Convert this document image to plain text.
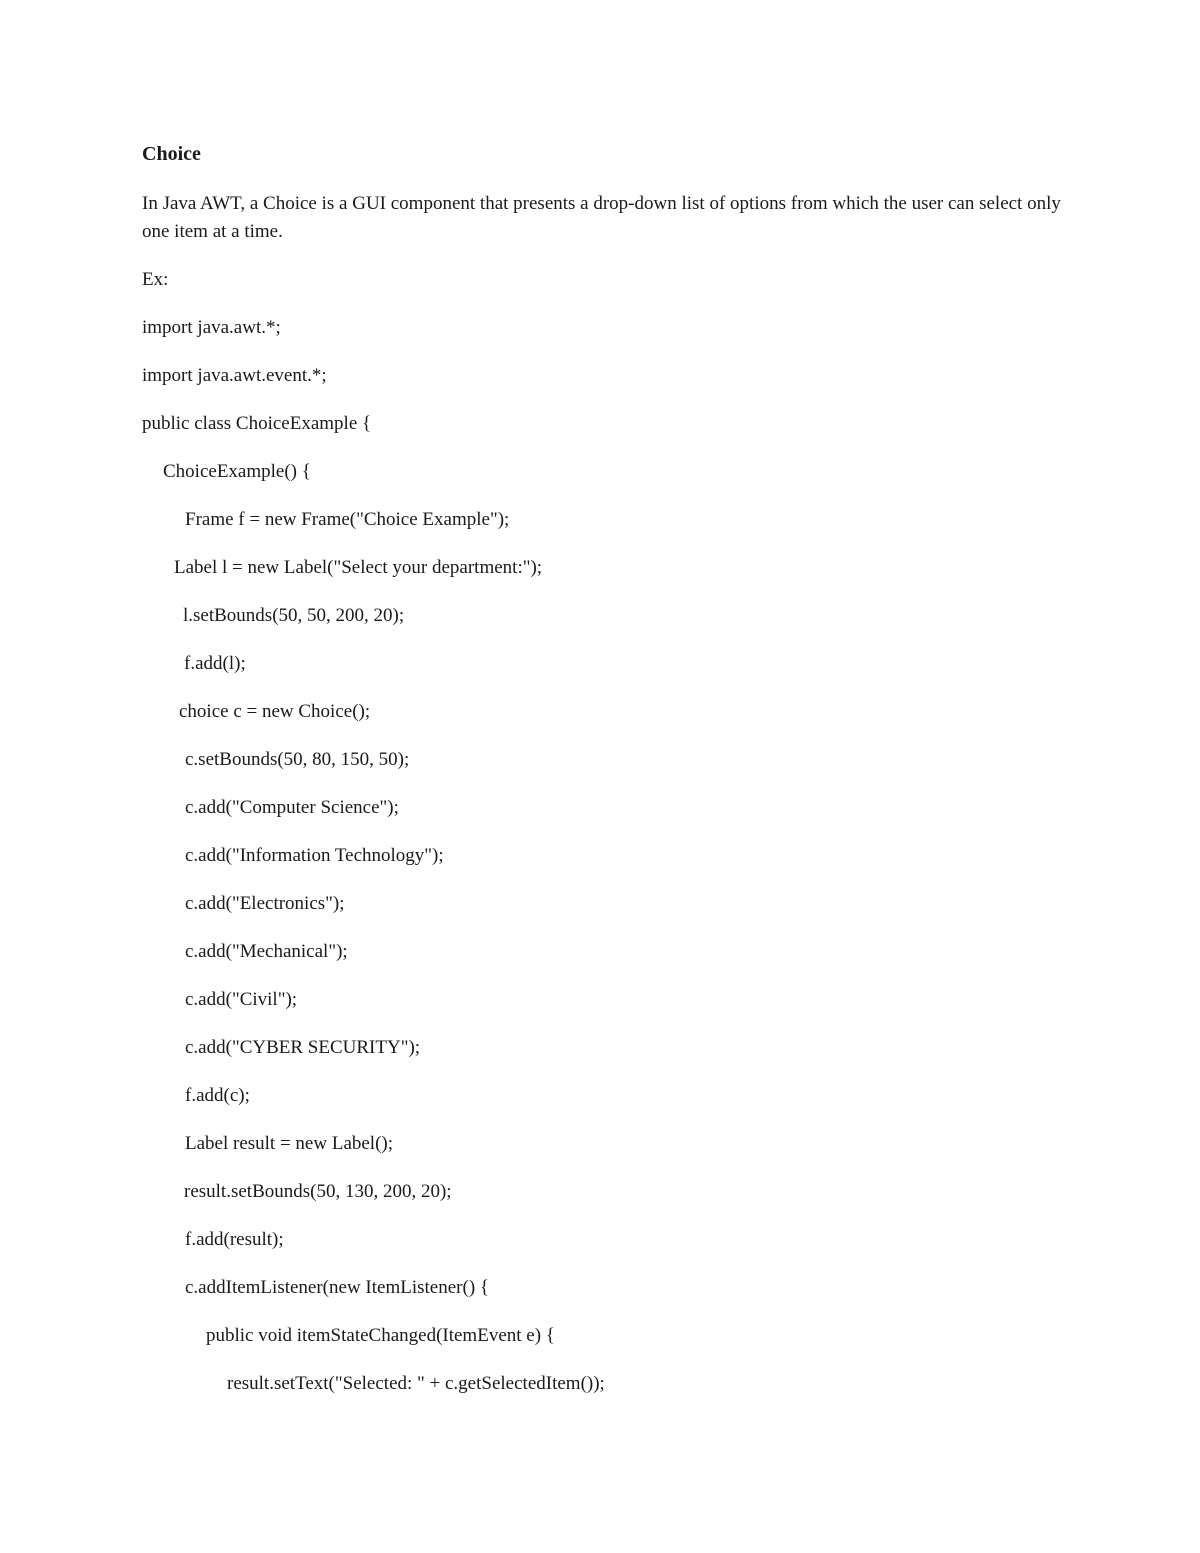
Choice
In Java AWT, a Choice is a GUI component that presents a drop-down list of options from which the user can select only one item at a time.
Ex:
import java.awt.*;
import java.awt.event.*;
public class ChoiceExample {
ChoiceExample() {
Frame f = new Frame("Choice Example");
Label l = new Label("Select your department:");
l.setBounds(50, 50, 200, 20);
f.add(l);
choice c = new Choice();
c.setBounds(50, 80, 150, 50);
c.add("Computer Science");
c.add("Information Technology");
c.add("Electronics");
c.add("Mechanical");
c.add("Civil");
c.add("CYBER SECURITY");
f.add(c);
Label result = new Label();
result.setBounds(50, 130, 200, 20);
f.add(result);
c.addItemListener(new ItemListener() {
public void itemStateChanged(ItemEvent e) {
result.setText("Selected: " + c.getSelectedItem());
